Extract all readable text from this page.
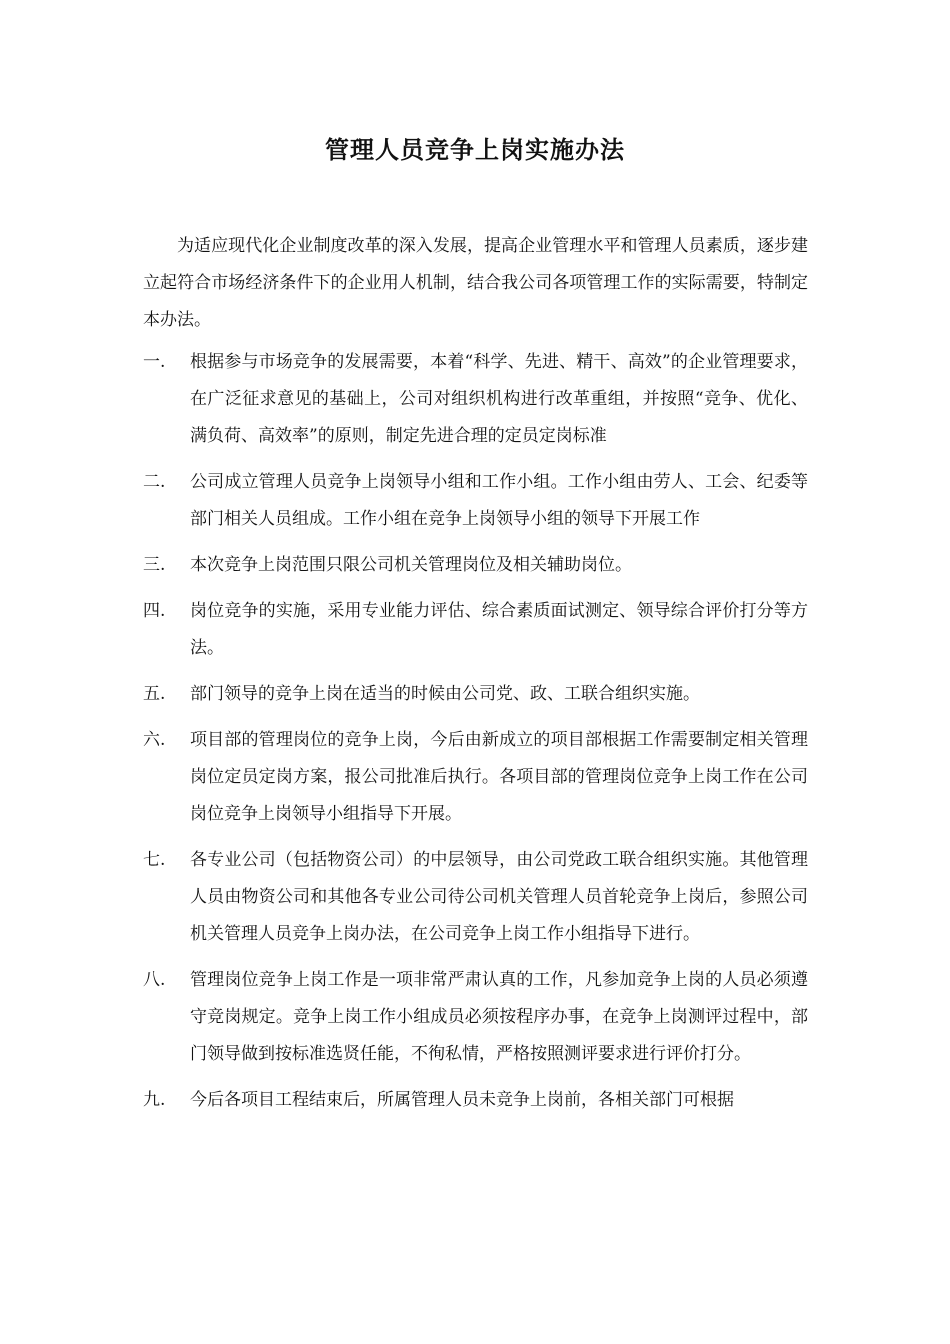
管理人员竞争上岗实施办法

为适应现代化企业制度改革的深入发展，提高企业管理水平和管理人员素质，逐步建立起符合市场经济条件下的企业用人机制，结合我公司各项管理工作的实际需要，特制定本办法。

一.	根据参与市场竞争的发展需要，本着“科学、先进、精干、高效”的企业管理要求，在广泛征求意见的基础上，公司对组织机构进行改革重组，并按照“竞争、优化、满负荷、高效率”的原则，制定先进合理的定员定岗标准
二.	公司成立管理人员竞争上岗领导小组和工作小组。工作小组由劳人、工会、纪委等部门相关人员组成。工作小组在竞争上岗领导小组的领导下开展工作
三.	本次竞争上岗范围只限公司机关管理岗位及相关辅助岗位。
四.	岗位竞争的实施，采用专业能力评估、综合素质面试测定、领导综合评价打分等方法。
五.	部门领导的竞争上岗在适当的时候由公司党、政、工联合组织实施。
六.	项目部的管理岗位的竞争上岗，今后由新成立的项目部根据工作需要制定相关管理岗位定员定岗方案，报公司批准后执行。各项目部的管理岗位竞争上岗工作在公司岗位竞争上岗领导小组指导下开展。
七.	各专业公司（包括物资公司）的中层领导，由公司党政工联合组织实施。其他管理人员由物资公司和其他各专业公司待公司机关管理人员首轮竞争上岗后，参照公司机关管理人员竞争上岗办法，在公司竞争上岗工作小组指导下进行。
八.	管理岗位竞争上岗工作是一项非常严肃认真的工作，凡参加竞争上岗的人员必须遵守竞岗规定。竞争上岗工作小组成员必须按程序办事，在竞争上岗测评过程中，部门领导做到按标准选贤任能，不徇私情，严格按照测评要求进行评价打分。
九.	今后各项目工程结束后，所属管理人员未竞争上岗前，各相关部门可根据
